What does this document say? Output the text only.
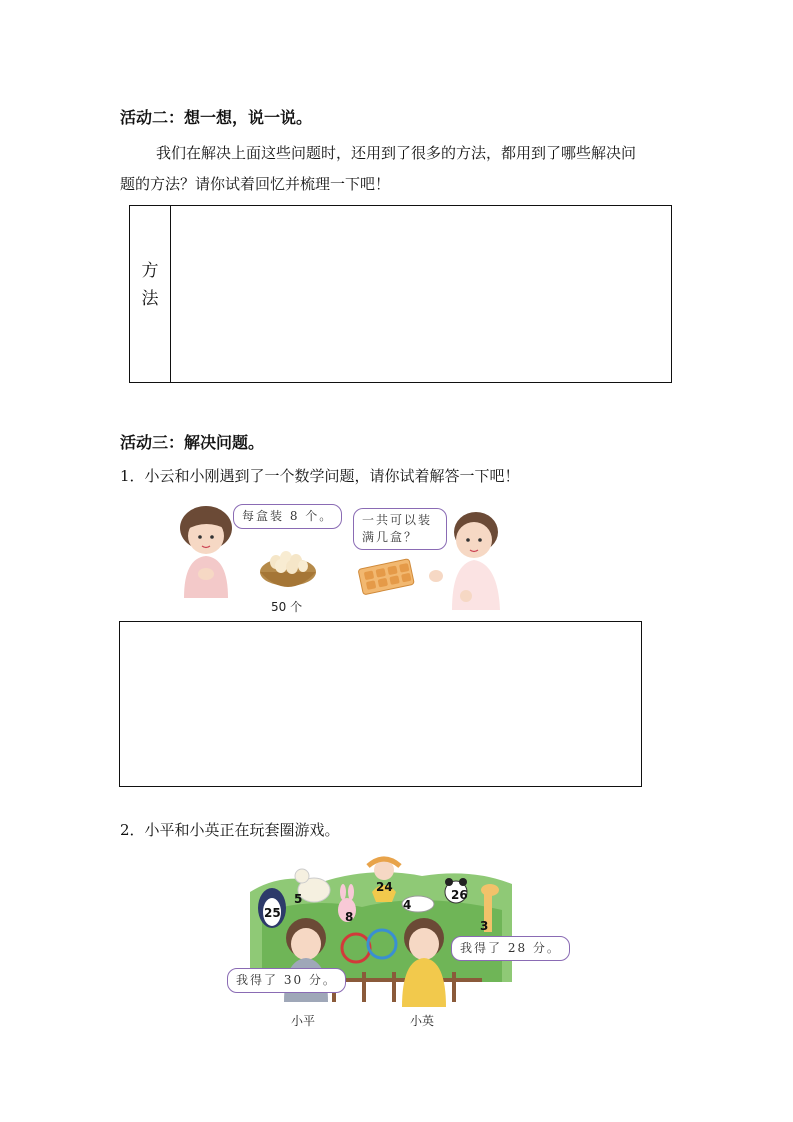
活动二：想一想，说一说。
我们在解决上面这些问题时，还用到了很多的方法，都用到了哪些解决问
题的方法？请你试着回忆并梳理一下吧！
方
法
活动三：解决问题。
1．小云和小刚遇到了一个数学问题，请你试着解答一下吧！
每盒装 8 个。	一共可以装
满几盒？
50 个
2．小平和小英正在玩套圈游戏。
25
5
8
24
4
26
3
我得了 30 分。
我得了 28 分。
小平	小英
